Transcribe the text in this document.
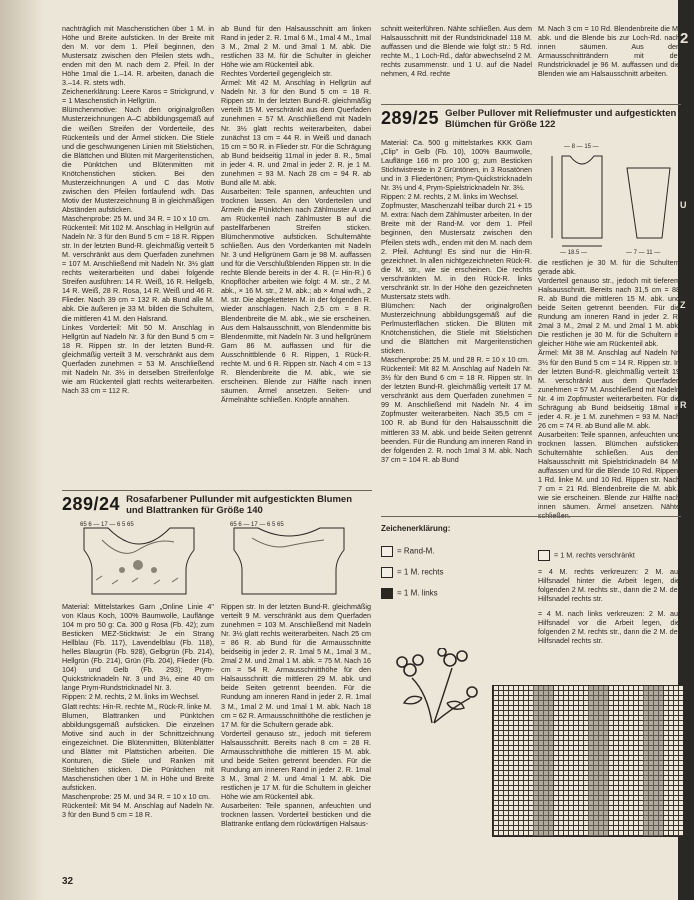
2
U
Z
R

nachträglich mit Maschenstichen über 1 M. in Höhe und Breite aufsticken. In der Breite mit den M. vor dem 1. Pfeil beginnen, den Mustersatz zwischen den Pfeilen stets wdh., enden mit den M. nach dem 2. Pfeil. In der Höhe 1mal die 1.–14. R. arbeiten, danach die 3.–14. R. stets wdh.

Zeichenerklärung: Leere Karos = Strickgrund, v = 1 Maschenstich in Hellgrün.

Blümchenmotive: Nach den originalgroßen Musterzeichnungen A–C abbildungsgemäß auf die weißen Streifen der Vorderteile, des Rückenteils und der Ärmel sticken. Die Stiele und die geschwungenen Linien mit Stielstichen, die Blättchen und Blüten mit Margeritenstichen, die Pünktchen und Blütenmitten mit Knötchenstichen sticken. Bei den Musterzeichnungen A und C das Motiv zwischen den Pfeilen fortlaufend wdh. Das Motiv der Musterzeichnung B in gleichmäßigen Abständen aufsticken.

Maschenprobe: 25 M. und 34 R. = 10 x 10 cm.

Rückenteil: Mit 102 M. Anschlag in Hellgrün auf Nadeln Nr. 3 für den Bund 5 cm = 18 R. Rippen str. In der letzten Bund-R. gleichmäßig verteilt 5 M. verschränkt aus dem Querfaden zunehmen = 107 M. Anschließend mit Nadeln Nr. 3½ glatt rechts weiterarbeiten und dabei folgende Streifen ausführen: 14 R. Weiß, 16 R. Hellgelb, 14 R. Weiß, 28 R. Rosa, 14 R. Weiß und 46 R. Flieder. Nach 39 cm = 132 R. ab Bund alle M. abk. Die äußeren je 33 M. bilden die Schultern, die mittleren 41 M. den Halsrand.

Linkes Vorderteil: Mit 50 M. Anschlag in Hellgrün auf Nadeln Nr. 3 für den Bund 5 cm = 18 R. Rippen str. In der letzten Bund-R. gleichmäßig verteilt 3 M. verschränkt aus dem Querfaden zunehmen = 53 M. Anschließend mit Nadeln Nr. 3½ in derselben Streifenfolge wie am Rückenteil glatt rechts weiterarbeiten. Nach 33 cm = 112 R.

ab Bund für den Halsausschnitt am linken Rand in jeder 2. R. 1mal 6 M., 1mal 4 M., 1mal 3 M., 2mal 2 M. und 3mal 1 M. abk. Die restlichen 33 M. für die Schulter in gleicher Höhe wie am Rückenteil abk.

Rechtes Vorderteil gegengleich str.

Ärmel: Mit 42 M. Anschlag in Hellgrün auf Nadeln Nr. 3 für den Bund 5 cm = 18 R. Rippen str. In der letzten Bund-R. gleichmäßig verteilt 15 M. verschränkt aus dem Querfaden zunehmen = 57 M. Anschließend mit Nadeln Nr. 3½ glatt rechts weiterarbeiten, dabei zunächst 13 cm = 44 R. in Weiß und danach 15 cm = 50 R. in Flieder str. Für die Schrägung ab Bund beidseitig 11mal in jeder 8. R., 5mal in jeder 4. R. und 2mal in jeder 2. R. je 1 M. zunehmen = 93 M. Nach 28 cm = 94 R. ab Bund alle M. abk.

Ausarbeiten: Teile spannen, anfeuchten und trocknen lassen. An den Vorderteilen und Ärmeln die Pünktchen nach Zählmuster A und am Rückenteil nach Zählmuster B auf die pastellfarbenen Streifen sticken. Blümchenmotive aufsticken. Schulternähte schließen. Aus den Vorderkanten mit Nadeln Nr. 3 und Hellgrünem Garn je 98 M. auffassen und für die Verschlußblenden Rippen str. In die rechte Blende bereits in der 4. R. (= Hin-R.) 6 Knopflöcher arbeiten wie folgt: 4 M. str., 2 M. abk., × 16 M. str., 2 M. abk.; ab × 4mal wdh., 2 M. str. Die abgeketteten M. in der folgenden R. wieder anschlagen. Nach 2,5 cm = 8 R. Blendenbreite die M. abk., wie sie erscheinen. Aus dem Halsausschnitt, von Blendenmitte bis Blendenmitte, mit Nadeln Nr. 3 und hellgrünem Garn 86 M. auffassen und für die Ausschnittblende 6 R. Rippen, 1 Rück-R. rechte M. und 6 R. Rippen str. Nach 4 cm = 13 R. Blendenbreite die M. abk., wie sie erscheinen. Blende zur Hälfte nach innen säumen. Ärmel ansetzen. Seiten- und Ärmelnähte schließen. Knöpfe annähen.

schnitt weiterführen. Nähte schließen. Aus dem Halsausschnitt mit der Rundstricknadel 118 M. auffassen und die Blende wie folgt str.: 5 Rd. rechte M., 1 Loch-Rd., dafür abwechselnd 2 M. rechts zusammenstr. und 1 U. auf die Nadel nehmen, 4 Rd. rechte

M. Nach 3 cm = 10 Rd. Blendenbreite die M. abk. und die Blende bis zur Loch-Rd. nach innen säumen. Aus den Armausschnitträndern mit der Rundstricknadel je 96 M. auffassen und die Blenden wie am Halsausschnitt arbeiten.

289/25 Gelber Pullover mit Reliefmuster und aufgestickten Blümchen für Größe 122

Material: Ca. 500 g mittelstarkes KKK Garn „Clip" in Gelb (Fb. 10), 100% Baumwolle, Lauflänge 166 m pro 100 g; zum Besticken Sticktwistreste in 2 Grüntönen, in 3 Rosatönen und in 3 Fliedertönen; Prym-Quickstricknadeln Nr. 3½ und 4, Prym-Spielstricknadeln Nr. 3½.

Rippen: 2 M. rechts, 2 M. links im Wechsel.

Zopfmuster, Maschenzahl teilbar durch 21 + 15 M. extra: Nach dem Zählmuster arbeiten. In der Breite mit der Rand-M. vor dem 1. Pfeil beginnen, den Mustersatz zwischen den Pfeilen stets wdh., enden mit den M. nach dem 2. Pfeil. Achtung! Es sind nur die Hin-R. gezeichnet. In allen nichtgezeichneten Rück-R. die M. str., wie sie erscheinen. Die rechts verschränkten M. in den Rück-R. links verschränkt str. In der Höhe den gezeichneten Mustersatz stets wdh.

Blümchen: Nach der originalgroßen Musterzeichnung abbildungsgemäß auf die Perlmusterflächen sticken. Die Blüten mit Knötchenstichen, die Stiele mit Stielstichen und die Blättchen mit Margeritenstichen sticken.

Maschenprobe: 25 M. und 28 R. = 10 x 10 cm.

Rückenteil: Mit 82 M. Anschlag auf Nadeln Nr. 3½ für den Bund 6 cm = 18 R. Rippen str. In der letzten Bund-R. gleichmäßig verteilt 17 M. verschränkt aus dem Querfaden zunehmen = 99 M. Anschließend mit Nadeln Nr. 4 im Zopfmuster weiterarbeiten. Nach 35,5 cm = 100 R. ab Bund für den Halsausschnitt die mittleren 33 M. abk. und beide Seiten getrennt beenden. Für die Rundung am inneren Rand in der folgenden 2. R. noch 1mal 3 M. abk. Nach 37 cm = 104 R. ab Bund

— 8 — 15 —
— 18.5 —	— 7 — 11 —

die restlichen je 30 M. für die Schultern gerade abk.

Vorderteil genauso str., jedoch mit tieferem Halsausschnitt. Bereits nach 31,5 cm = 88 R. ab Bund die mittleren 15 M. abk. und beide Seiten getrennt beenden. Für die Rundung am inneren Rand in jeder 2. R. 2mal 3 M., 2mal 2 M. und 2mal 1 M. abk. Die restlichen je 30 M. für die Schultern in gleicher Höhe wie am Rückenteil abk.

Ärmel: Mit 38 M. Anschlag auf Nadeln Nr. 3½ für den Bund 5 cm = 14 R. Rippen str. In der letzten Bund-R. gleichmäßig verteilt 19 M. verschränkt aus dem Querfaden zunehmen = 57 M. Anschließend mit Nadeln Nr. 4 im Zopfmuster weiterarbeiten. Für die Schrägung ab Bund beidseitig 18mal in jeder 4. R. je 1 M. zunehmen = 93 M. Nach 26 cm = 74 R. ab Bund alle M. abk.

Ausarbeiten: Teile spannen, anfeuchten und trocknen lassen. Blümchen aufsticken. Schulternähte schließen. Aus dem Halsausschnitt mit Spielstricknadeln 84 M. auffassen und für die Blende 10 Rd. Rippen, 1 Rd. linke M. und 10 Rd. Rippen str. Nach 7 cm = 21 Rd. Blendenbreite die M. abk., wie sie erscheinen. Blende zur Hälfte nach innen säumen. Ärmel ansetzen. Nähte

289/24 Rosafarbener Pullunder mit aufgestickten Blumen und Blattranken für Größe 140
65 6 — 17 — 6 5 65	65 6 — 17 — 6 5 65

Material: Mittelstarkes Garn „Online Linie 4" von Klaus Koch, 100% Baumwolle, Lauflänge 104 m pro 50 g: Ca. 300 g Rosa (Fb. 42); zum Besticken MEZ-Sticktwist: Je ein Strang Hellblau (Fb. 117), Lavendelblau (Fb. 118), helles Blaugrün (Fb. 928), Gelbgrün (Fb. 214), Hellgrün (Fb. 214), Grün (Fb. 204), Flieder (Fb. 104) und Gelb (Fb. 293); Prym-Quickstricknadeln Nr. 3 und 3½, eine 40 cm lange Prym-Rundstricknadel Nr. 3.

Rippen: 2 M. rechts, 2 M. links im Wechsel.

Glatt rechts: Hin-R. rechte M., Rück-R. linke M.

Blumen, Blattranken und Pünktchen abbildungsgemäß aufsticken. Die einzelnen Motive sind auch in der Schnittzeichnung eingezeichnet. Die Blütenmitten, Blütenblätter und Blätter mit Plattstichen arbeiten. Die Konturen, die Stiele und Ranken mit Stielstichen sticken. Die Pünktchen mit Maschenstichen über 1 M. in Höhe und Breite aufsticken.

Maschenprobe: 25 M. und 34 R. = 10 x 10 cm.

Rückenteil: Mit 94 M. Anschlag auf Nadeln Nr. 3 für den Bund 5 cm = 18 R.

Rippen str. In der letzten Bund-R. gleichmäßig verteilt 9 M. verschränkt aus dem Querfaden zunehmen = 103 M. Anschließend mit Nadeln Nr. 3½ glatt rechts weiterarbeiten. Nach 25 cm = 86 R. ab Bund für die Armausschnitte beidseitig in jeder 2. R. 1mal 5 M., 1mal 3 M., 2mal 2 M. und 2mal 1 M. abk. = 75 M. Nach 16 cm = 54 R. Armausschnitthöhe für den Halsausschnitt die mittleren 29 M. abk. und beide Seiten getrennt beenden. Für die Rundung am inneren Rand in jeder 2. R. 1mal 3 M., 1mal 2 M. und 1mal 1 M. abk. Nach 18 cm = 62 R. Armausschnitthöhe die restlichen je 17 M. für die Schultern gerade abk.

Vorderteil genauso str., jedoch mit tieferem Halsausschnitt. Bereits nach 8 cm = 28 R. Armausschnitthöhe die mittleren 15 M. abk. und beide Seiten getrennt beenden. Für die Rundung am inneren Rand in jeder 2. R. 1mal 3 M., 3mal 2 M. und 4mal 1 M. abk. Die restlichen je 17 M. für die Schultern in gleicher Höhe wie am Rückenteil abk.

Ausarbeiten: Teile spannen, anfeuchten und trocknen lassen. Vorderteil besticken und die Blattranke entlang dem rückwärtigen Halsaus-

Zeichenerklärung:
= Rand-M.
= 1 M. rechts
= 1 M. links

= 1 M. rechts verschränkt

= 4 M. rechts verkreuzen: 2 M. auf Hilfsnadel hinter die Arbeit legen, die folgenden 2 M. rechts str., dann die 2 M. der Hilfsnadel rechts str.

= 4 M. nach links verkreuzen: 2 M. auf Hilfsnadel vor die Arbeit legen, die folgenden 2 M. rechts str., dann die 2 M. der Hilfsnadel rechts str.

32
